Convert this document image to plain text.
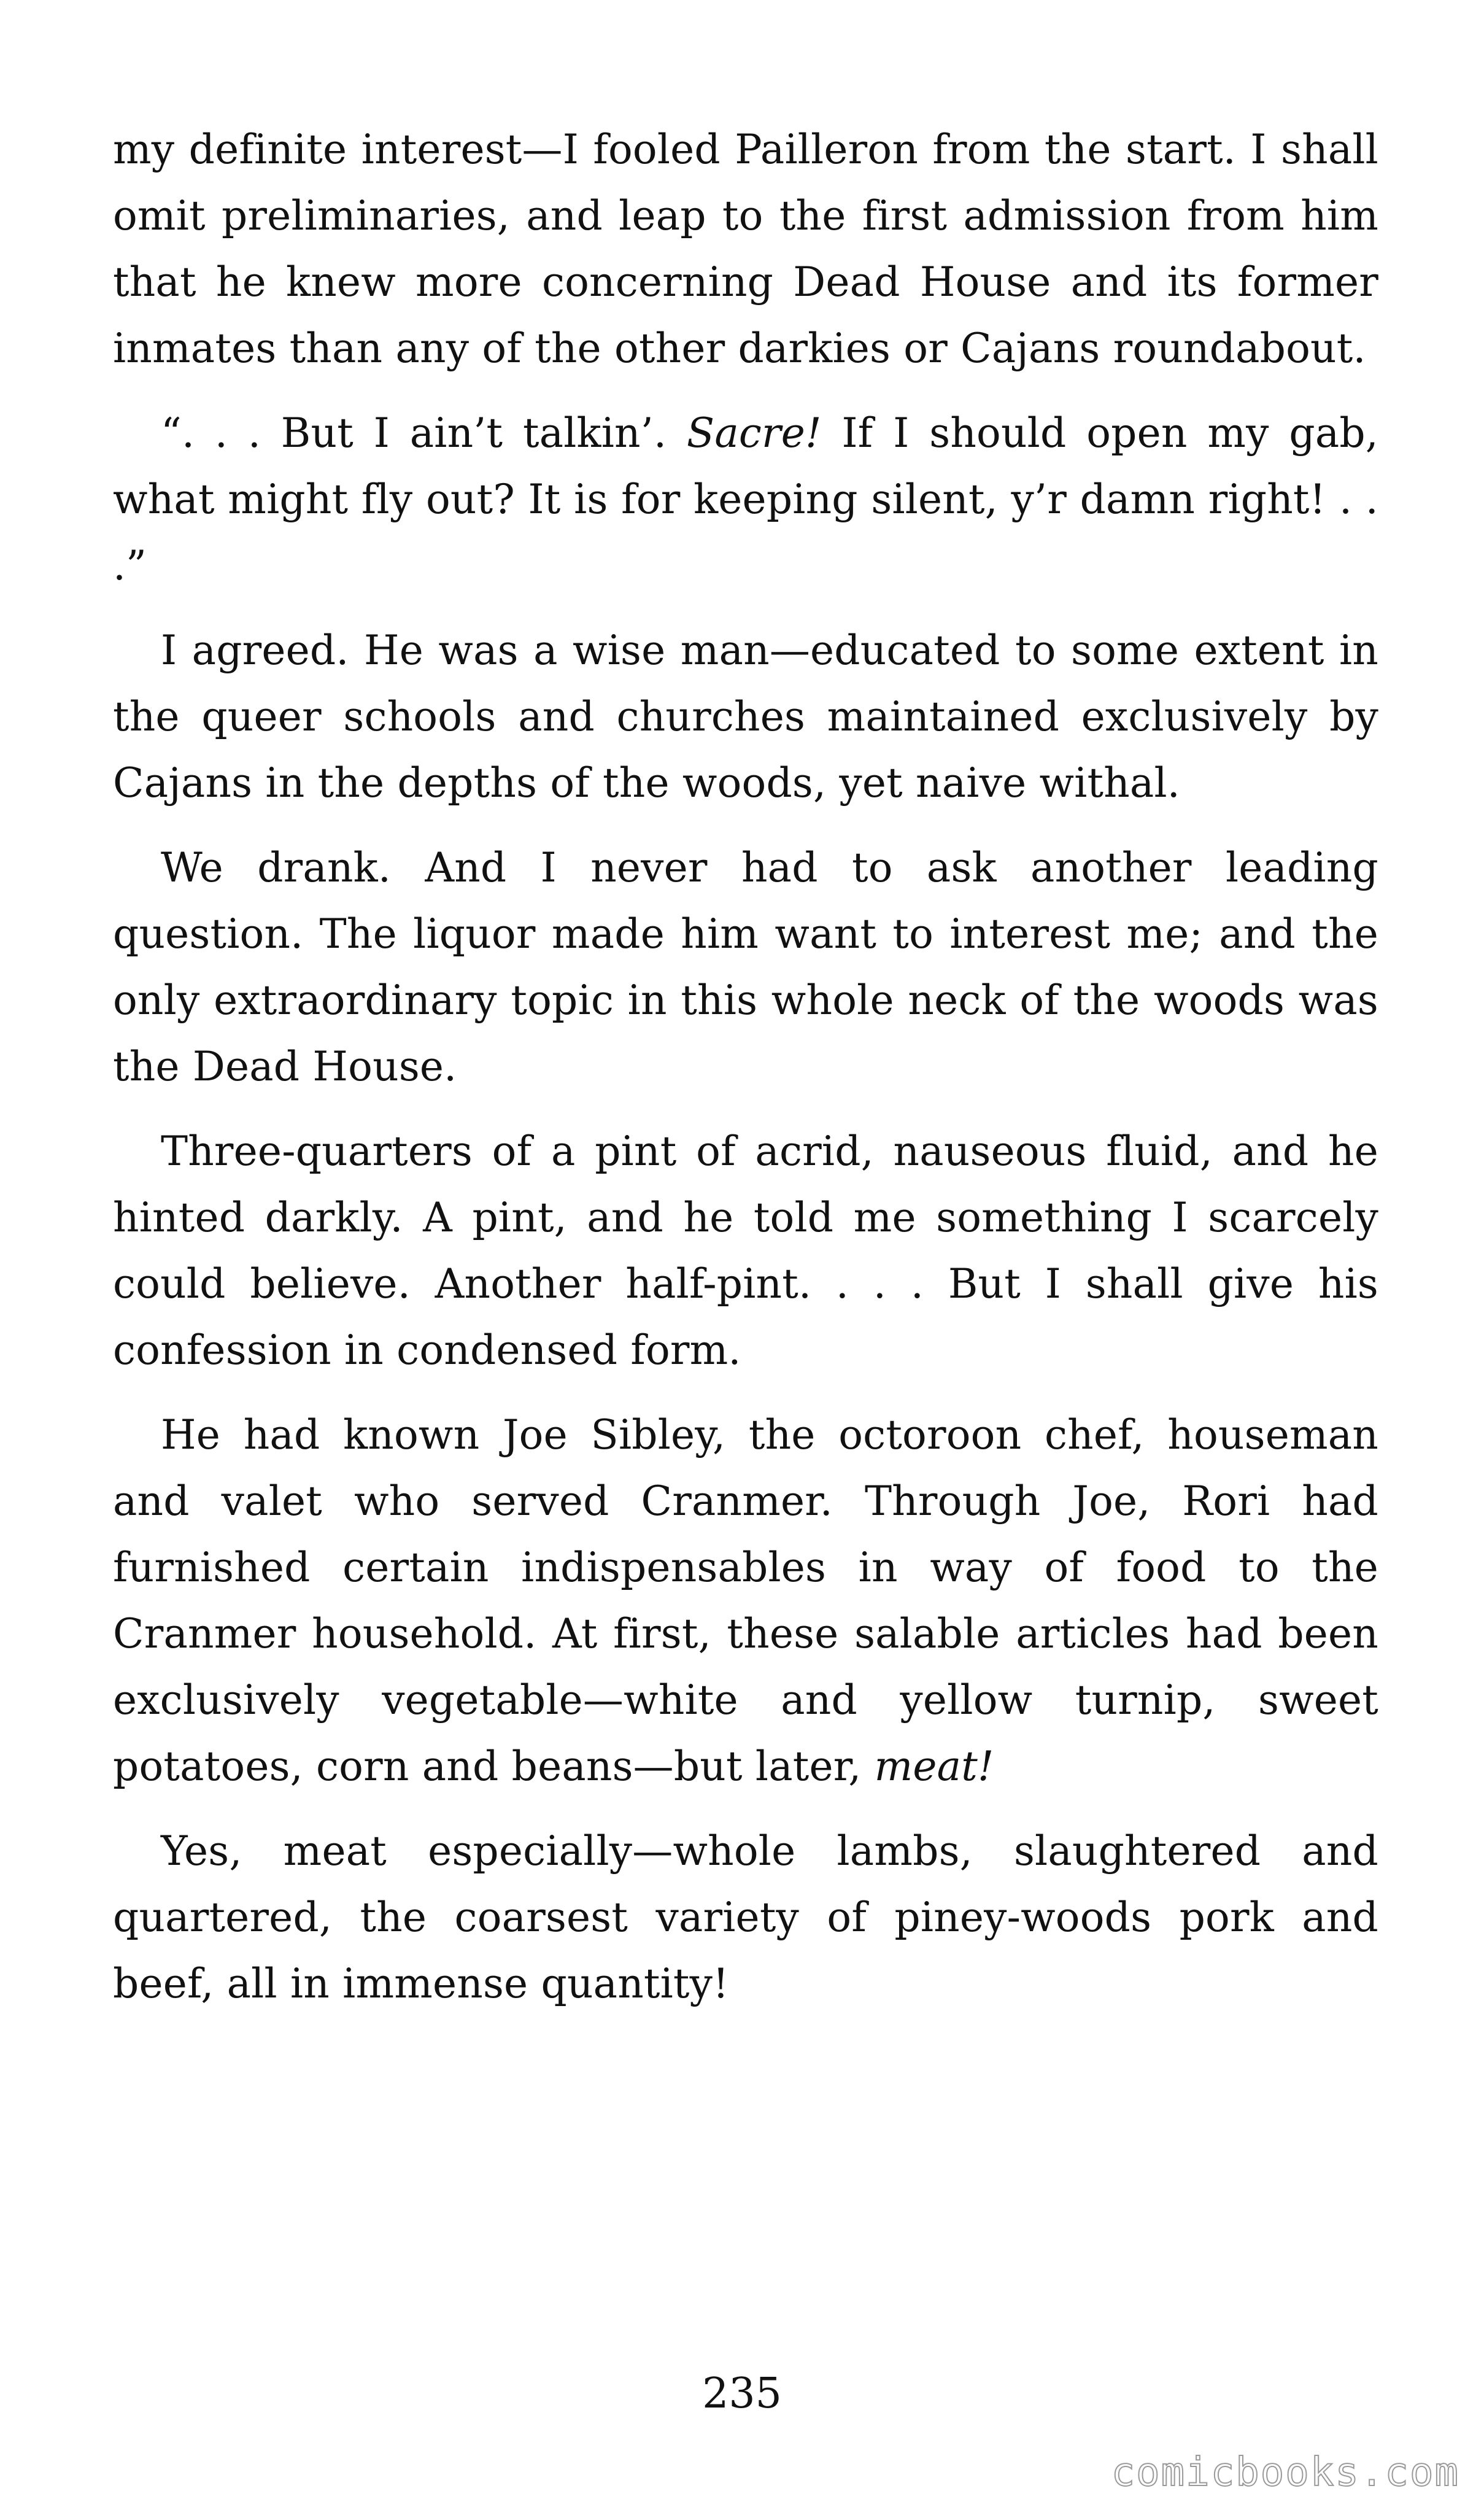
my definite interest—I fooled Pailleron from the start. I shall omit preliminaries, and leap to the first admission from him that he knew more concerning Dead House and its former inmates than any of the other darkies or Cajans roundabout.

“. . . But I ain’t talkin’. Sacre! If I should open my gab, what might fly out? It is for keeping silent, y’r damn right! . . .”

I agreed. He was a wise man—educated to some extent in the queer schools and churches maintained exclusively by Cajans in the depths of the woods, yet naive withal.

We drank. And I never had to ask another leading question. The liquor made him want to interest me; and the only extraordinary topic in this whole neck of the woods was the Dead House.

Three-quarters of a pint of acrid, nauseous fluid, and he hinted darkly. A pint, and he told me something I scarcely could believe. Another half-pint. . . . But I shall give his confession in condensed form.

He had known Joe Sibley, the octoroon chef, houseman and valet who served Cranmer. Through Joe, Rori had furnished certain indispensables in way of food to the Cranmer household. At first, these salable articles had been exclusively vegetable—white and yellow turnip, sweet potatoes, corn and beans—but later, meat!

Yes, meat especially—whole lambs, slaughtered and quartered, the coarsest variety of piney-woods pork and beef, all in immense quantity!

235
comicbooks.com
